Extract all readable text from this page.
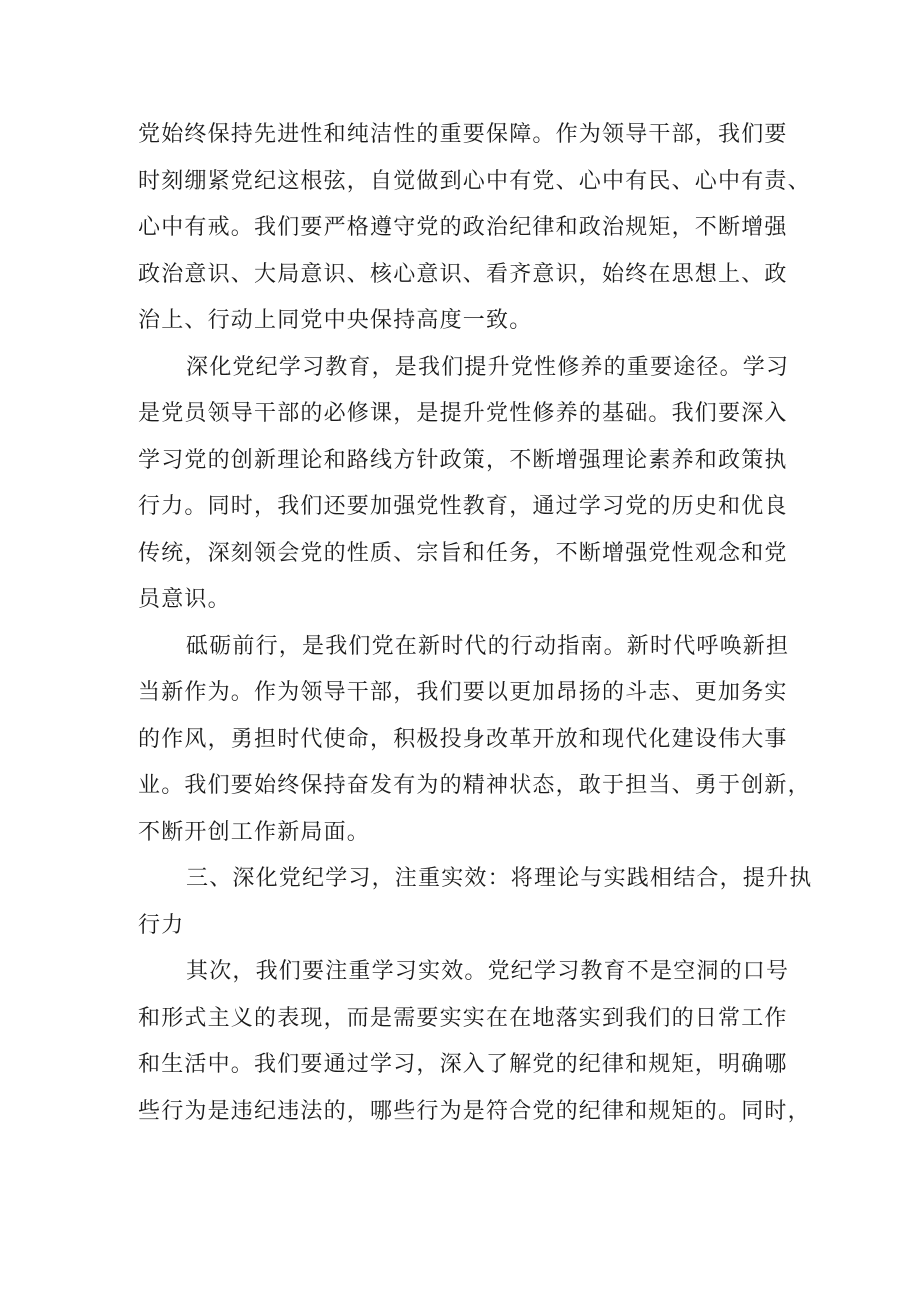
党始终保持先进性和纯洁性的重要保障。作为领导干部，我们要
时刻绷紧党纪这根弦，自觉做到心中有党、心中有民、心中有责、
心中有戒。我们要严格遵守党的政治纪律和政治规矩，不断增强
政治意识、大局意识、核心意识、看齐意识，始终在思想上、政
治上、行动上同党中央保持高度一致。
深化党纪学习教育，是我们提升党性修养的重要途径。学习
是党员领导干部的必修课，是提升党性修养的基础。我们要深入
学习党的创新理论和路线方针政策，不断增强理论素养和政策执
行力。同时，我们还要加强党性教育，通过学习党的历史和优良
传统，深刻领会党的性质、宗旨和任务，不断增强党性观念和党
员意识。
砥砺前行，是我们党在新时代的行动指南。新时代呼唤新担
当新作为。作为领导干部，我们要以更加昂扬的斗志、更加务实
的作风，勇担时代使命，积极投身改革开放和现代化建设伟大事
业。我们要始终保持奋发有为的精神状态，敢于担当、勇于创新，
不断开创工作新局面。
三、深化党纪学习，注重实效：将理论与实践相结合，提升执
行力
其次，我们要注重学习实效。党纪学习教育不是空洞的口号
和形式主义的表现，而是需要实实在在地落实到我们的日常工作
和生活中。我们要通过学习，深入了解党的纪律和规矩，明确哪
些行为是违纪违法的，哪些行为是符合党的纪律和规矩的。同时，
